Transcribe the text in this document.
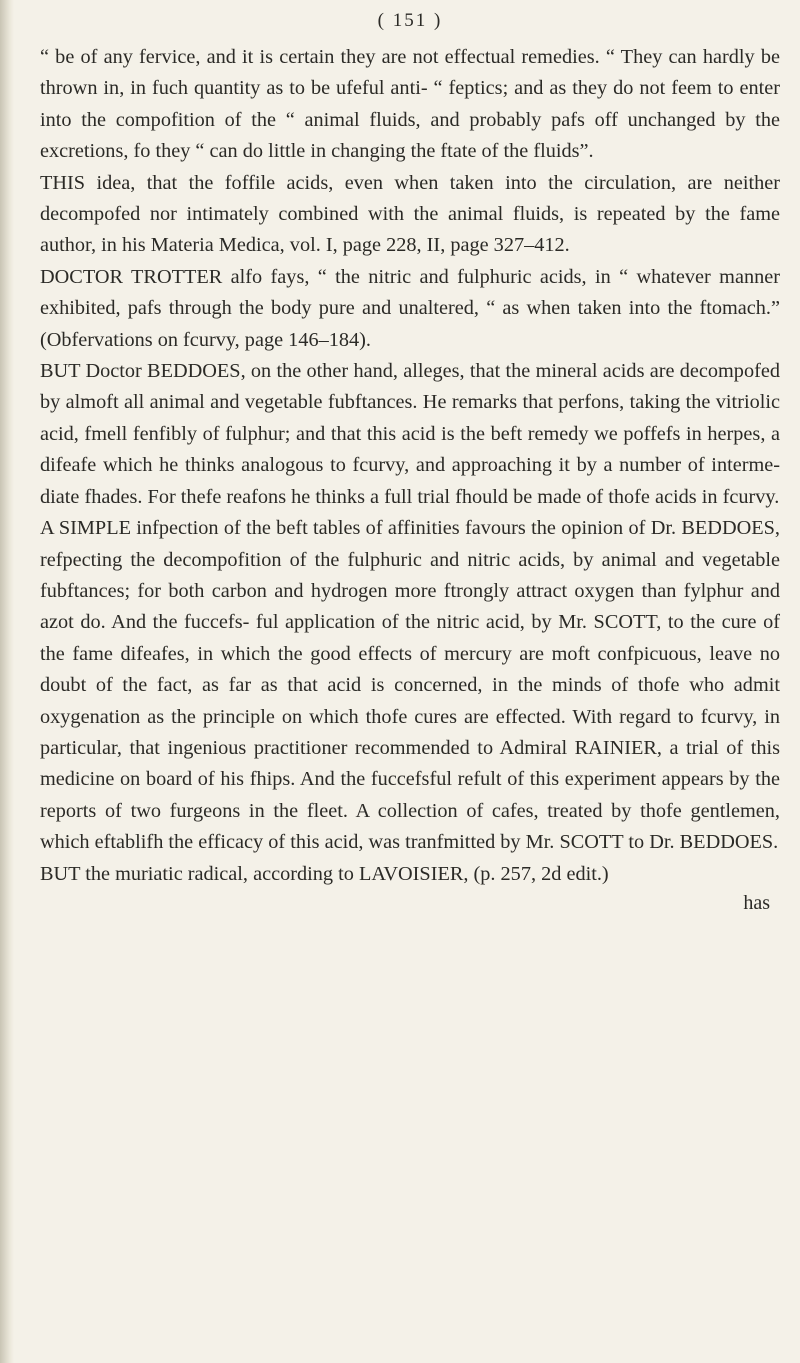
( 151 )

“ be of any fervice, and it is certain they are not effectual remedies. “ They can hardly be thrown in, in fuch quantity as to be ufeful anti- “ feptics; and as they do not feem to enter into the compofition of the “ animal fluids, and probably pafs off unchanged by the excretions, fo they “ can do little in changing the ftate of the fluids”.

THIS idea, that the foffile acids, even when taken into the circulation, are neither decompofed nor intimately combined with the animal fluids, is repeated by the fame author, in his Materia Medica, vol. I, page 228, II, page 327–412.

DOCTOR TROTTER alfo fays, “ the nitric and fulphuric acids, in “ whatever manner exhibited, pafs through the body pure and unaltered, “ as when taken into the ftomach.” (Obfervations on fcurvy, page 146–184).

BUT Doctor BEDDOES, on the other hand, alleges, that the mineral acids are decompofed by almoft all animal and vegetable fubftances. He remarks that perfons, taking the vitriolic acid, fmell fenfibly of fulphur; and that this acid is the beft remedy we poffefs in herpes, a difeafe which he thinks analogous to fcurvy, and approaching it by a number of interme- diate fhades. For thefe reafons he thinks a full trial fhould be made of thofe acids in fcurvy.

A SIMPLE infpection of the beft tables of affinities favours the opinion of Dr. BEDDOES, refpecting the decompofition of the fulphuric and nitric acids, by animal and vegetable fubftances; for both carbon and hydrogen more ftrongly attract oxygen than fylphur and azot do. And the fuccefs- ful application of the nitric acid, by Mr. SCOTT, to the cure of the fame difeafes, in which the good effects of mercury are moft confpicuous, leave no doubt of the fact, as far as that acid is concerned, in the minds of thofe who admit oxygenation as the principle on which thofe cures are effected. With regard to fcurvy, in particular, that ingenious practitioner recommended to Admiral RAINIER, a trial of this medicine on board of his fhips. And the fuccefsful refult of this experiment appears by the reports of two furgeons in the fleet. A collection of cafes, treated by thofe gentlemen, which eftablifh the efficacy of this acid, was tranfmitted by Mr. SCOTT to Dr. BEDDOES.

BUT the muriatic radical, according to LAVOISIER, (p. 257, 2d edit.)

has
